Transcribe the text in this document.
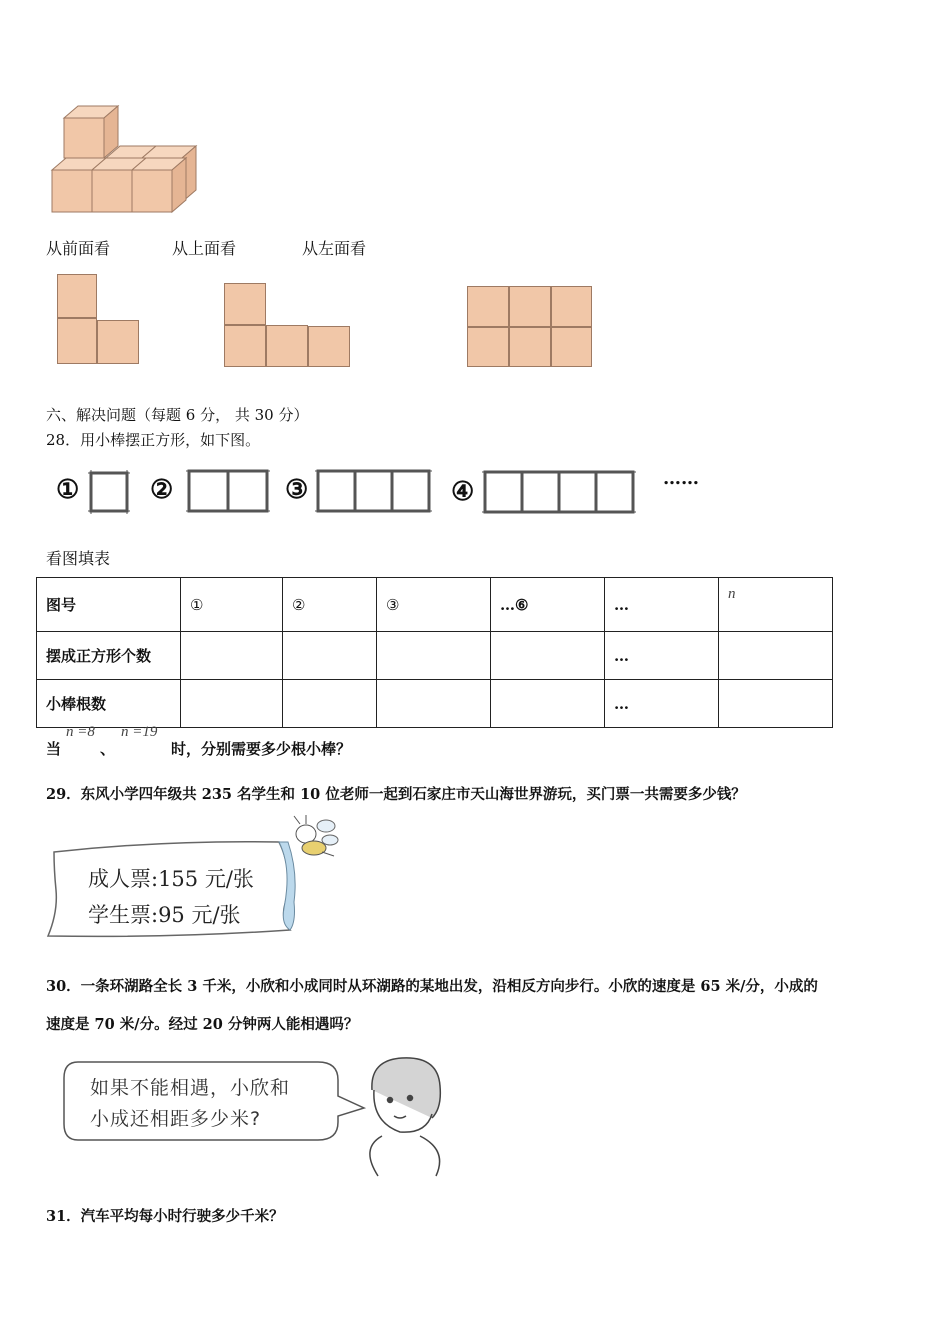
从前面看	从上面看	从左面看
六、解决问题（每题 6 分， 共 30 分）
28．用小棒摆正方形，如下图。
①	②	③	④	……
看图填表
图号	①	②	③	…⑥	…	n
摆成正方形个数					…	
小棒根数					…	
当
n =8
、
n =19
时，分别需要多少根小棒？
29．东风小学四年级共 235 名学生和 10 位老师一起到石家庄市天山海世界游玩，买门票一共需要多少钱？
成人票:155 元/张
学生票:95 元/张
30．一条环湖路全长 3 千米，小欣和小成同时从环湖路的某地出发，沿相反方向步行。小欣的速度是 65 米/分，小成的
速度是 70 米/分。经过 20 分钟两人能相遇吗？
如果不能相遇，小欣和
小成还相距多少米?
31．汽车平均每小时行驶多少千米？
